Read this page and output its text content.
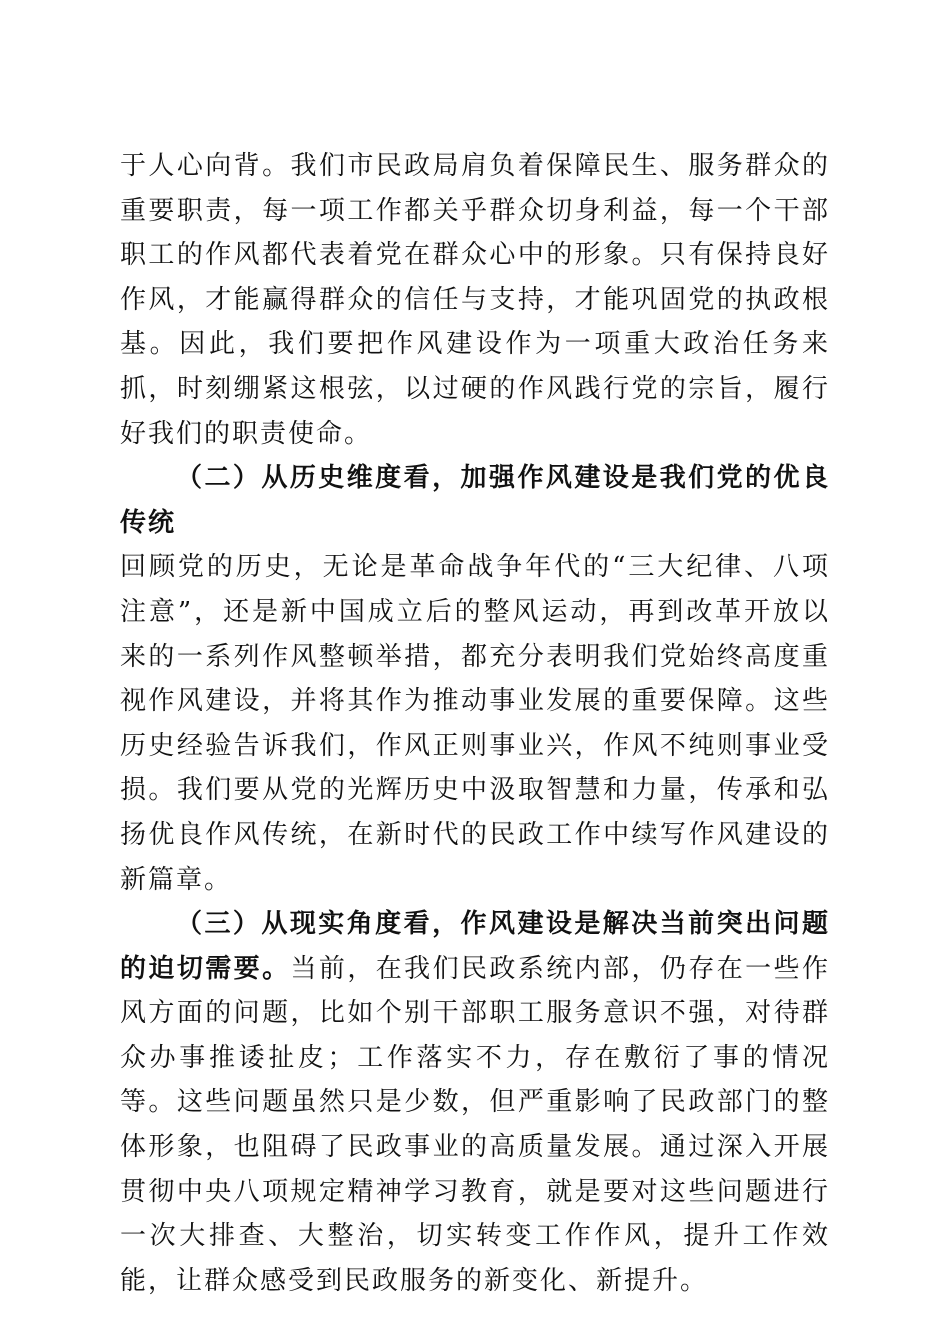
于人心向背。我们市民政局肩负着保障民生、服务群众的重要职责，每一项工作都关乎群众切身利益，每一个干部职工的作风都代表着党在群众心中的形象。只有保持良好作风，才能赢得群众的信任与支持，才能巩固党的执政根基。因此，我们要把作风建设作为一项重大政治任务来抓，时刻绷紧这根弦，以过硬的作风践行党的宗旨，履行好我们的职责使命。

（二）从历史维度看，加强作风建设是我们党的优良传统

回顾党的历史，无论是革命战争年代的“三大纪律、八项注意”，还是新中国成立后的整风运动，再到改革开放以来的一系列作风整顿举措，都充分表明我们党始终高度重视作风建设，并将其作为推动事业发展的重要保障。这些历史经验告诉我们，作风正则事业兴，作风不纯则事业受损。我们要从党的光辉历史中汲取智慧和力量，传承和弘扬优良作风传统，在新时代的民政工作中续写作风建设的新篇章。

（三）从现实角度看，作风建设是解决当前突出问题的迫切需要。当前，在我们民政系统内部，仍存在一些作风方面的问题，比如个别干部职工服务意识不强，对待群众办事推诿扯皮；工作落实不力，存在敷衍了事的情况等。这些问题虽然只是少数，但严重影响了民政部门的整体形象，也阻碍了民政事业的高质量发展。通过深入开展贯彻中央八项规定精神学习教育，就是要对这些问题进行一次大排查、大整治，切实转变工作作风，提升工作效能，让群众感受到民政服务的新变化、新提升。
